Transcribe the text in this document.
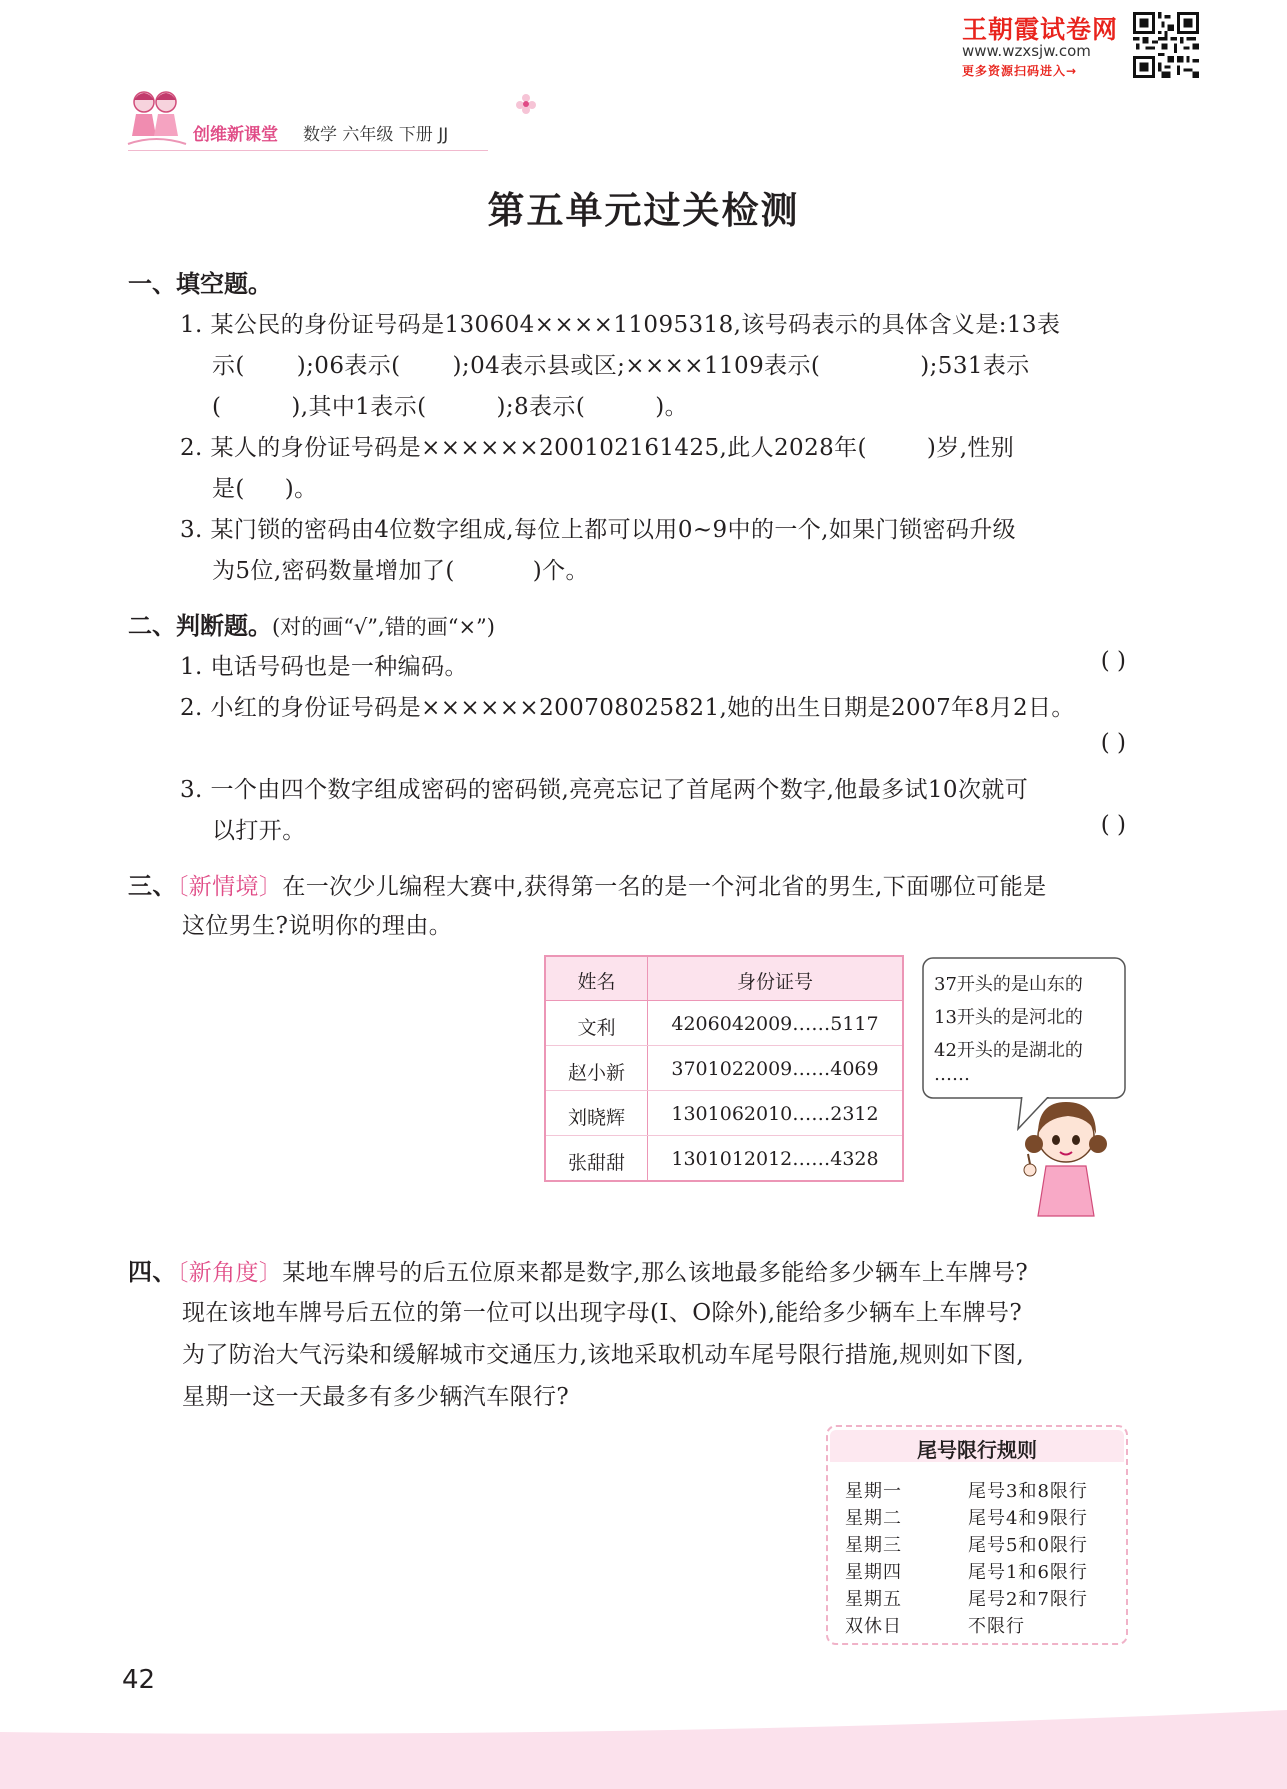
王朝霞试卷网
www.wzxsjw.com
更多资源扫码进入→
创维新课堂 数学 六年级 下册 JJ
第五单元过关检测
一、填空题。
1. 某公民的身份证号码是130604××××11095318,该号码表示的具体含义是:13表
示( );06表示( );04表示县或区;××××1109表示(	);531表示
(	),其中1表示(	);8表示(	)。
2. 某人的身份证号码是××××××200102161425,此人2028年(	)岁,性别
是( )。
3. 某门锁的密码由4位数字组成,每位上都可以用0~9中的一个,如果门锁密码升级
为5位,密码数量增加了(	)个。
二、判断题。(对的画“√”,错的画“×”)
1. 电话号码也是一种编码。	( )
2. 小红的身份证号码是××××××200708025821,她的出生日期是2007年8月2日。
( )
3. 一个由四个数字组成密码的密码锁,亮亮忘记了首尾两个数字,他最多试10次就可
以打开。	( )
三、〔新情境〕在一次少儿编程大赛中,获得第一名的是一个河北省的男生,下面哪位可能是
这位男生?说明你的理由。
姓名	身份证号
文利	4206042009……5117
赵小新	3701022009……4069
刘晓辉	1301062010……2312
张甜甜	1301012012……4328
37开头的是山东的
13开头的是河北的
42开头的是湖北的
……
四、〔新角度〕某地车牌号的后五位原来都是数字,那么该地最多能给多少辆车上车牌号?
现在该地车牌号后五位的第一位可以出现字母(I、O除外),能给多少辆车上车牌号?
为了防治大气污染和缓解城市交通压力,该地采取机动车尾号限行措施,规则如下图,
星期一这一天最多有多少辆汽车限行?
尾号限行规则
星期一	尾号3和8限行
星期二	尾号4和9限行
星期三	尾号5和0限行
星期四	尾号1和6限行
星期五	尾号2和7限行
双休日	不限行
42
